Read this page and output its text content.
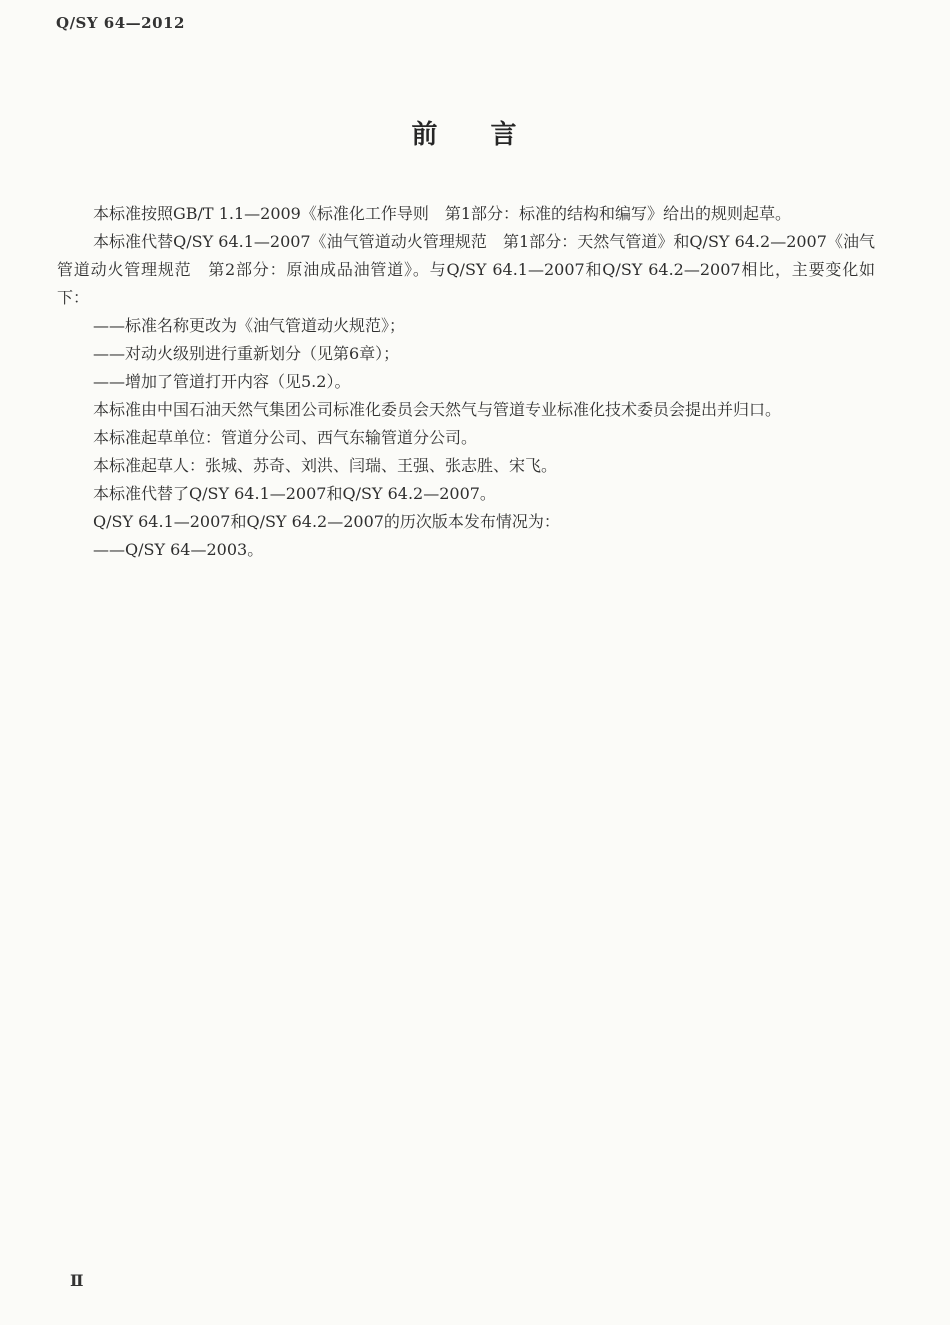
Q/SY 64—2012
前 言

本标准按照GB/T 1.1—2009《标准化工作导则　第1部分：标准的结构和编写》给出的规则起草。

本标准代替Q/SY 64.1—2007《油气管道动火管理规范　第1部分：天然气管道》和Q/SY 64.2—2007《油气管道动火管理规范　第2部分：原油成品油管道》。与Q/SY 64.1—2007和Q/SY 64.2—2007相比，主要变化如下：

——标准名称更改为《油气管道动火规范》；

——对动火级别进行重新划分（见第6章）；

——增加了管道打开内容（见5.2）。

本标准由中国石油天然气集团公司标准化委员会天然气与管道专业标准化技术委员会提出并归口。

本标准起草单位：管道分公司、西气东输管道分公司。

本标准起草人：张城、苏奇、刘洪、闫瑞、王强、张志胜、宋飞。

本标准代替了Q/SY 64.1—2007和Q/SY 64.2—2007。

Q/SY 64.1—2007和Q/SY 64.2—2007的历次版本发布情况为：

——Q/SY 64—2003。

Ⅱ
